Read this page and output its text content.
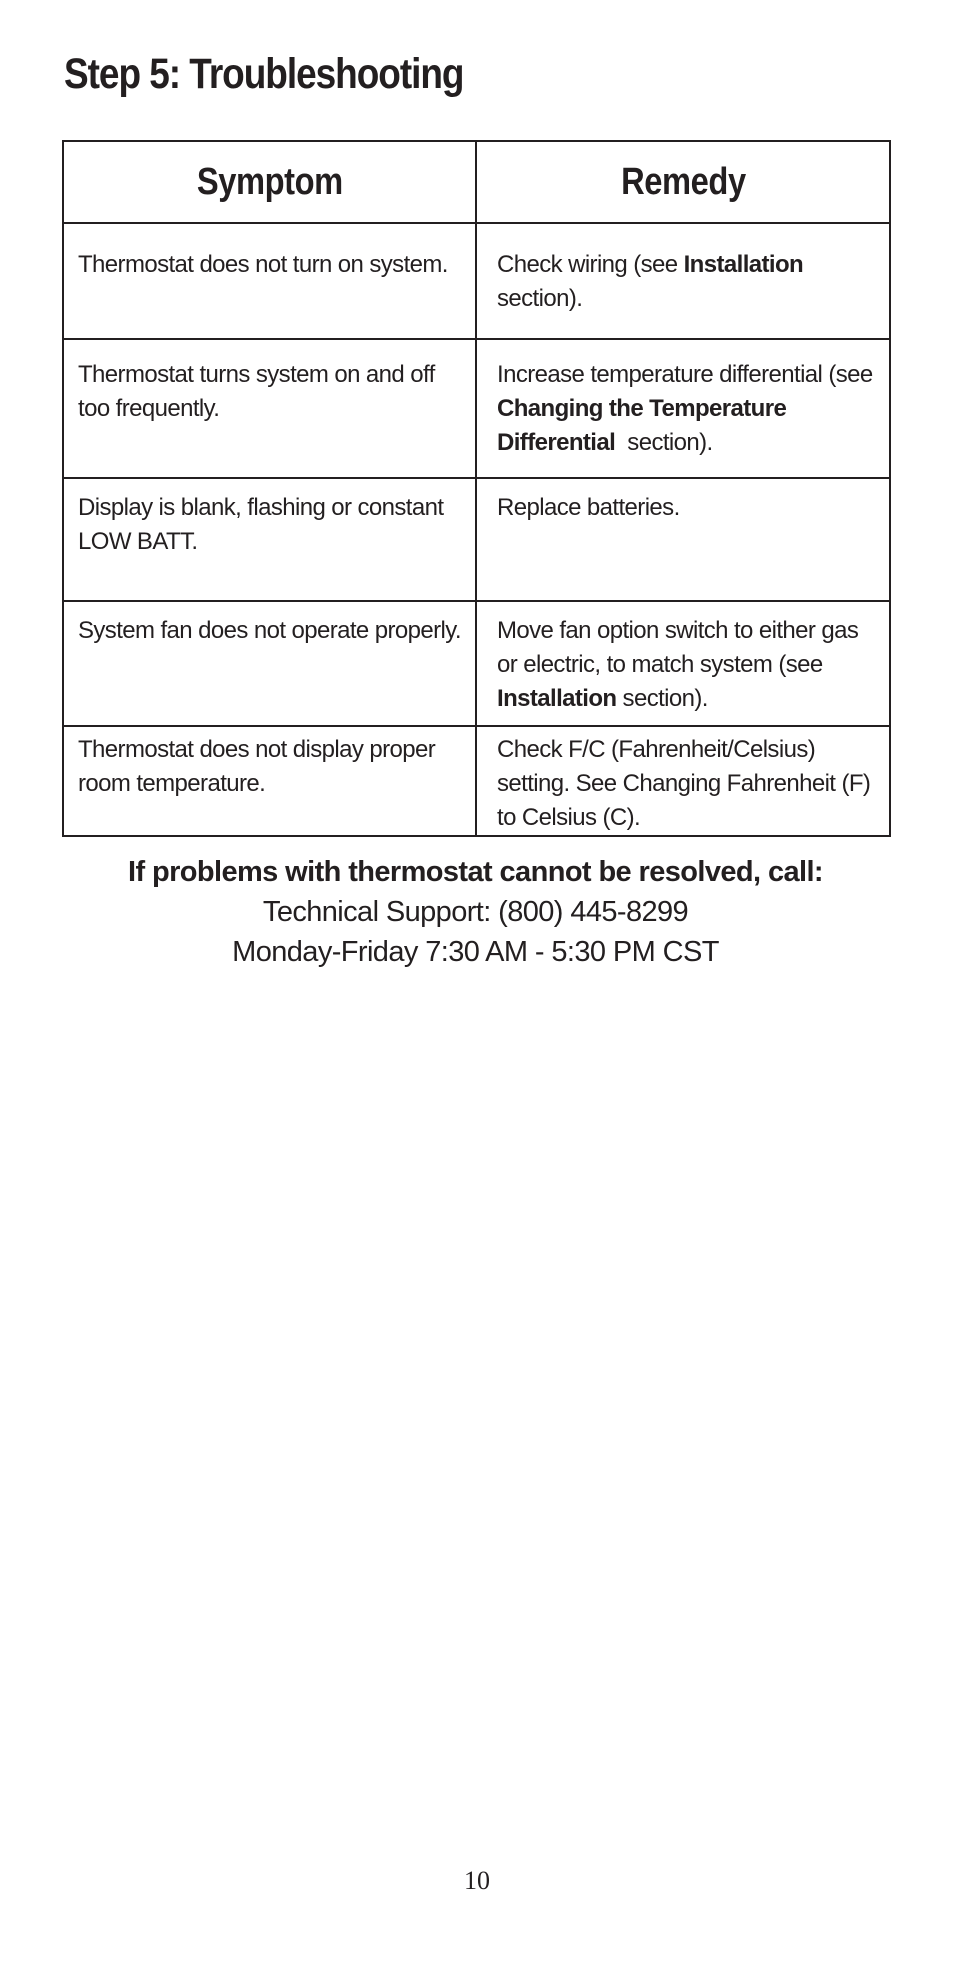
Step 5: Troubleshooting
Symptom	Remedy
Thermostat does not turn on system.	Check wiring (see Installation section).
Thermostat turns system on and off too frequently.	Increase temperature differential (see Changing the Temperature Differential  section).
Display is blank, flashing or constant LOW BATT.	Replace batteries.
System fan does not operate properly.	Move fan option switch to either gas or electric, to match system (see Installation section).
Thermostat does not display proper room temperature.	Check F/C (Fahrenheit/Celsius) setting. See Changing Fahrenheit (F) to Celsius (C).
If problems with thermostat cannot be resolved, call:
Technical Support: (800) 445-8299
Monday-Friday 7:30 AM - 5:30 PM CST
10
